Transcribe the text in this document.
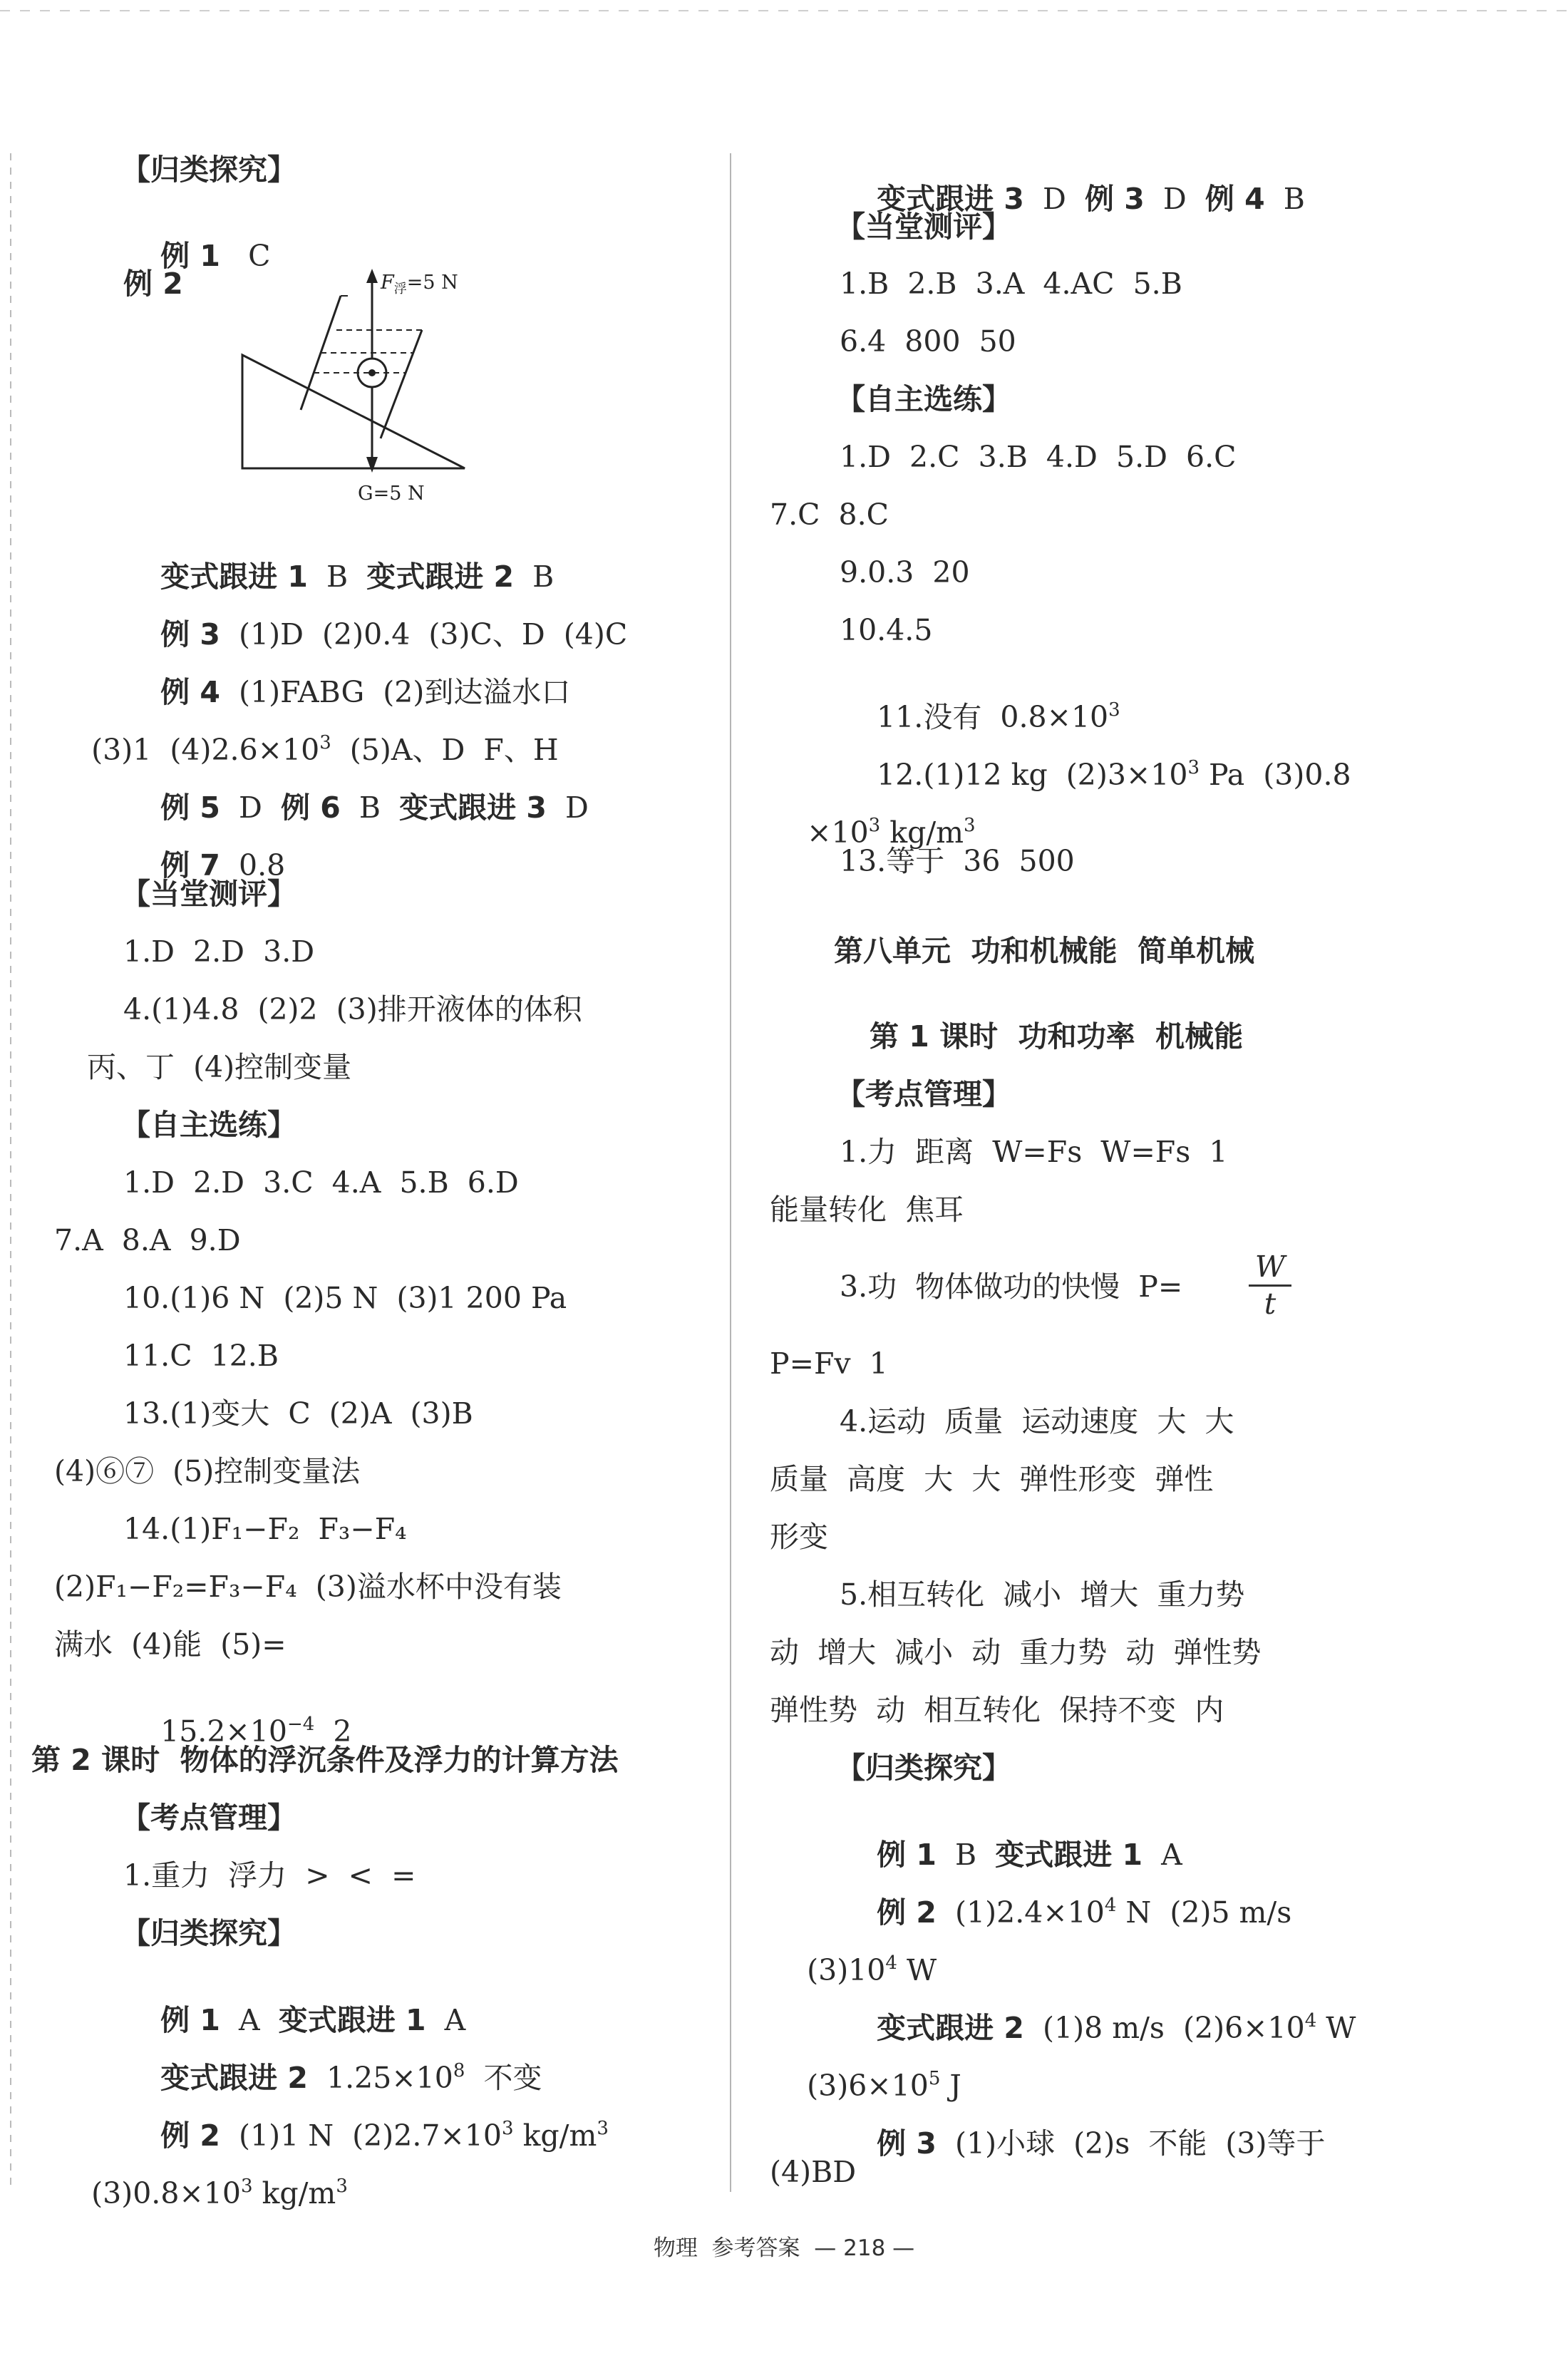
【归类探究】

例 1 C

例 2	$F_浮=5$ N
G=5 N

变式跟进 1 B 变式跟进 2 B

例 3 (1)D  (2)0.4  (3)C、D  (4)C

例 4 (1)FABG  (2)到达溢水口

(3)1  $(4)2.6\times 10^3$  (5)A、D  F、H

例 5 D 例 6 B 变式跟进 3 D

例 7 0.8

【当堂测评】
1.D  2.D  3.D
4.(1)4.8  (2)2  (3)排开液体的体积
丙、丁  (4)控制变量
【自主选练】
1.D  2.D  3.C  4.A  5.B  6.D
7.A  8.A  9.D
10.(1)6 N  (2)5 N  (3)1 200 Pa
11.C  12.B
13.(1)变大  C  (2)A  (3)B
(4)⑥⑦  (5)控制变量法
14.(1)F₁−F₂  F₃−F₄
(2)F₁−F₂=F₃−F₄  (3)溢水杯中没有装
满水  (4)能  (5)=

$15.2\times 10^{-4}$  2

第 2 课时  物体的浮沉条件及浮力的计算方法
【考点管理】
1.重力  浮力  >  <  =
【归类探究】

例 1 A 变式跟进 1 A

变式跟进 2 $1.25\times 10^8$  不变

例 2 (1)1 N  $(2)2.7\times 10^3$ $kg/m^3$

$(3)0.8\times 10^3$ $kg/m^3$

变式跟进 3 D 例 3 D 例 4 B

【当堂测评】
1.B  2.B  3.A  4.AC  5.B
6.4  800  50
【自主选练】
1.D  2.C  3.B  4.D  5.D  6.C
7.C  8.C
9.0.3  20
10.4.5

11.没有  $0.8\times 10^3$

12.(1)12 kg  $(2)3\times 10^3$ Pa  (3)0.8

$\times 10^3$ $kg/m^3$

13.等于  36  500
第八单元  功和机械能  简单机械
第 1 课时  功和功率  机械能
【考点管理】
1.力  距离  W=Fs  W=Fs  1
能量转化  焦耳
3.功  物体做功的快慢  P=
P=Fv  1
4.运动  质量  运动速度  大  大
质量  高度  大  大  弹性形变  弹性
形变
5.相互转化  减小  增大  重力势
动  增大  减小  动  重力势  动  弹性势
弹性势  动  相互转化  保持不变  内
【归类探究】

例 1 B 变式跟进 1 A

例 2 $(1)2.4\times 10^4$ N  (2)5 m/s

$(3)10^4$ W

变式跟进 2 (1)8 m/s  $(2)6\times 10^4$ W

$(3)6\times 10^5$ J

例 3 (1)小球  (2)s  不能  (3)等于

(4)BD
W
t
物理 参考答案 — 218 —
